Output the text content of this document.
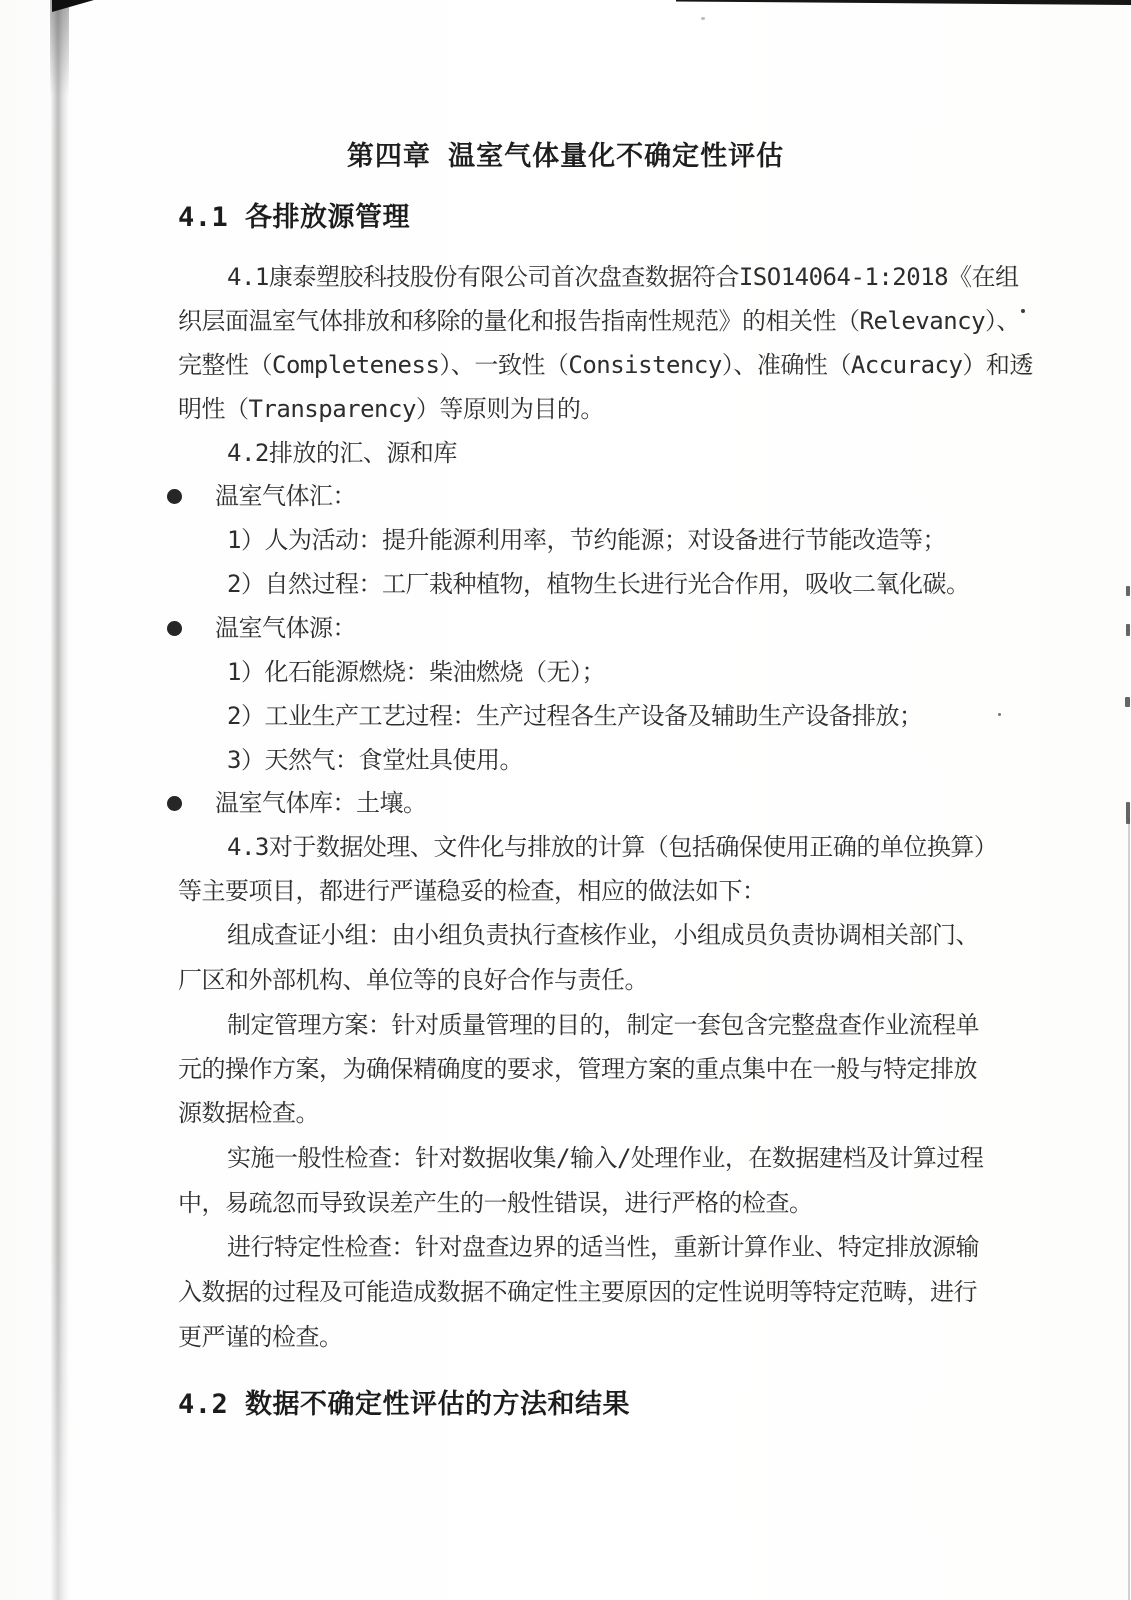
第四章 温室气体量化不确定性评估
4.1 各排放源管理
4.1康泰塑胶科技股份有限公司首次盘查数据符合ISO14064-1:2018《在组
织层面温室气体排放和移除的量化和报告指南性规范》的相关性（Relevancy）、
完整性（Completeness）、一致性（Consistency）、准确性（Accuracy）和透
明性（Transparency）等原则为目的。
4.2排放的汇、源和库
温室气体汇：
1）人为活动：提升能源利用率，节约能源；对设备进行节能改造等；
2）自然过程：工厂栽种植物，植物生长进行光合作用，吸收二氧化碳。
温室气体源：
1）化石能源燃烧：柴油燃烧（无）；
2）工业生产工艺过程：生产过程各生产设备及辅助生产设备排放；
3）天然气：食堂灶具使用。
温室气体库：土壤。
4.3对于数据处理、文件化与排放的计算（包括确保使用正确的单位换算）
等主要项目，都进行严谨稳妥的检查，相应的做法如下：
组成查证小组：由小组负责执行查核作业，小组成员负责协调相关部门、
厂区和外部机构、单位等的良好合作与责任。
制定管理方案：针对质量管理的目的，制定一套包含完整盘查作业流程单
元的操作方案，为确保精确度的要求，管理方案的重点集中在一般与特定排放
源数据检查。
实施一般性检查：针对数据收集/输入/处理作业，在数据建档及计算过程
中，易疏忽而导致误差产生的一般性错误，进行严格的检查。
进行特定性检查：针对盘查边界的适当性，重新计算作业、特定排放源输
入数据的过程及可能造成数据不确定性主要原因的定性说明等特定范畴，进行
更严谨的检查。
4.2 数据不确定性评估的方法和结果
